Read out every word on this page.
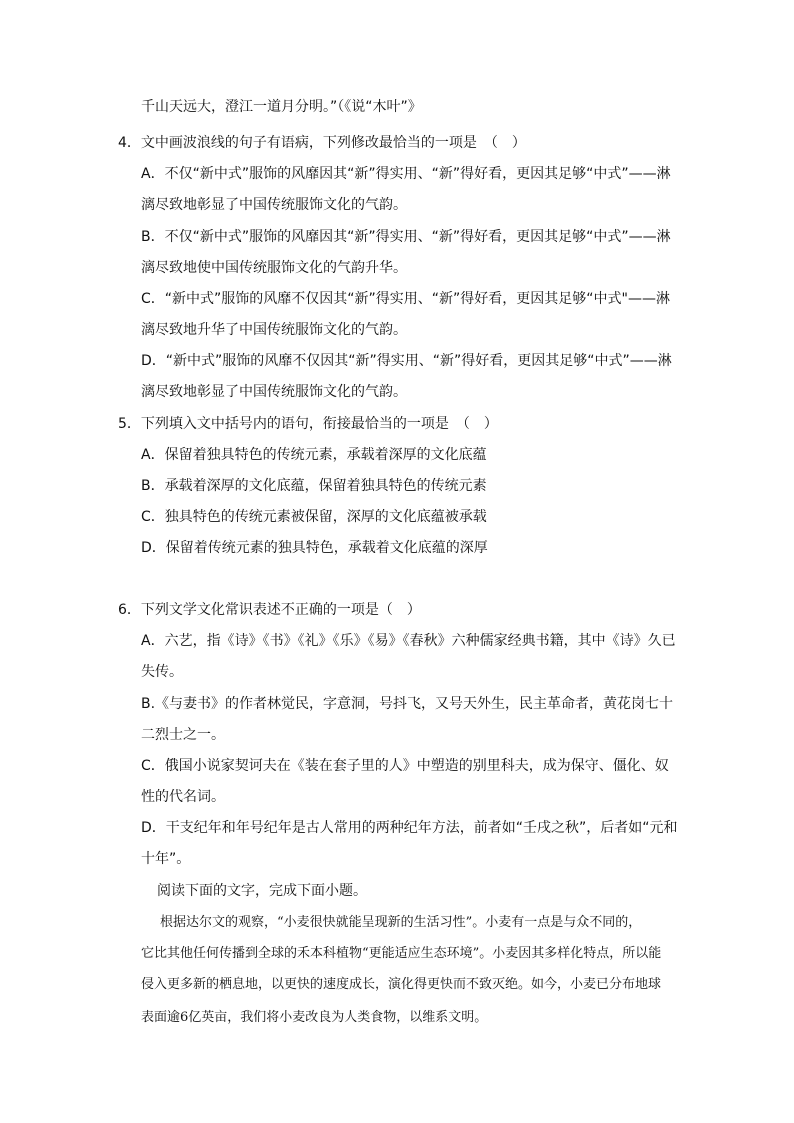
千山天远大，澄江一道月分明。”（《说“木叶”》
4．文中画波浪线的句子有语病，下列修改最恰当的一项是　（　）
A．不仅“新中式”服饰的风靡因其“新”得实用、“新”得好看，更因其足够“中式”——淋
漓尽致地彰显了中国传统服饰文化的气韵。
B．不仅“新中式”服饰的风靡因其“新”得实用、“新”得好看，更因其足够“中式”——淋
漓尽致地使中国传统服饰文化的气韵升华。
C．“新中式”服饰的风靡不仅因其“新”得实用、“新”得好看，更因其足够“中式"——淋
漓尽致地升华了中国传统服饰文化的气韵。
D．“新中式”服饰的风靡不仅因其“新”得实用、“新”得好看，更因其足够“中式”——淋
漓尽致地彰显了中国传统服饰文化的气韵。
5．下列填入文中括号内的语句，衔接最恰当的一项是　（　）
A．保留着独具特色的传统元素，承载着深厚的文化底蕴
B．承载着深厚的文化底蕴，保留着独具特色的传统元素
C．独具特色的传统元素被保留，深厚的文化底蕴被承载
D．保留着传统元素的独具特色，承载着文化底蕴的深厚
6．下列文学文化常识表述不正确的一项是（　）
A．六艺，指《诗》《书》《礼》《乐》《易》《春秋》六种儒家经典书籍，其中《诗》久已
失传。
B.《与妻书》的作者林觉民，字意洞，号抖飞，又号天外生，民主革命者，黄花岗七十
二烈士之一。
C．俄国小说家契诃夫在《装在套子里的人》中塑造的别里科夫，成为保守、僵化、奴
性的代名词。
D．干支纪年和年号纪年是古人常用的两种纪年方法，前者如“壬戌之秋”，后者如“元和
十年”。
阅读下面的文字，完成下面小题。
根据达尔文的观察，“小麦很快就能呈现新的生活习性”。小麦有一点是与众不同的，
它比其他任何传播到全球的禾本科植物“更能适应生态环境”。小麦因其多样化特点，所以能
侵入更多新的栖息地，以更快的速度成长，演化得更快而不致灭绝。如今，小麦已分布地球
表面逾6亿英亩，我们将小麦改良为人类食物，以维系文明。
